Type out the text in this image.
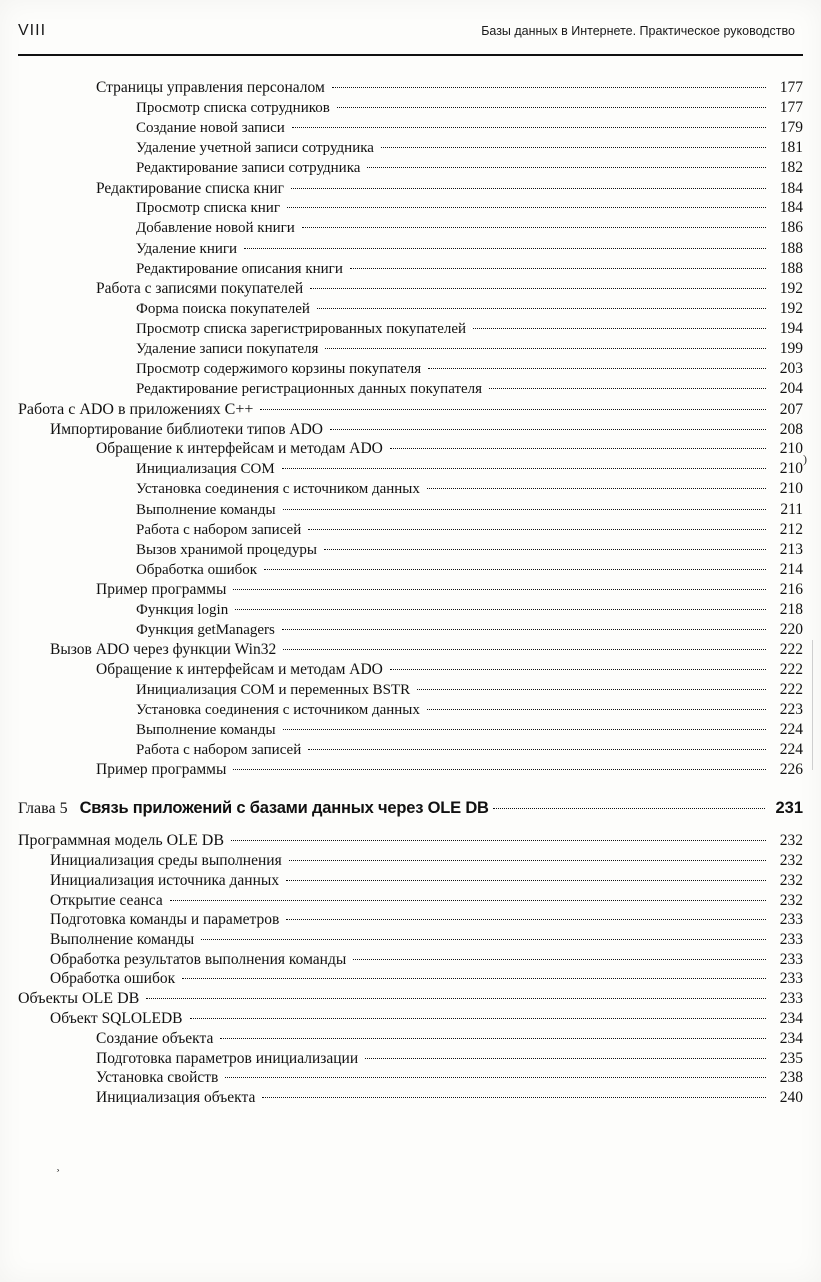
VIII	Базы данных в Интернете. Практическое руководство
)
¸
Страницы управления персоналом	177
Просмотр списка сотрудников	177
Создание новой записи	179
Удаление учетной записи сотрудника	181
Редактирование записи сотрудника	182
Редактирование списка книг	184
Просмотр списка книг	184
Добавление новой книги	186
Удаление книги	188
Редактирование описания книги	188
Работа с записями покупателей	192
Форма поиска покупателей	192
Просмотр списка зарегистрированных покупателей	194
Удаление записи покупателя	199
Просмотр содержимого корзины покупателя	203
Редактирование регистрационных данных покупателя	204
Работа с ADO в приложениях C++	207
Импортирование библиотеки типов ADO	208
Обращение к интерфейсам и методам ADO	210
Инициализация COM	210
Установка соединения с источником данных	210
Выполнение команды	211
Работа с набором записей	212
Вызов хранимой процедуры	213
Обработка ошибок	214
Пример программы	216
Функция login	218
Функция getManagers	220
Вызов ADO через функции Win32	222
Обращение к интерфейсам и методам ADO	222
Инициализация COM и переменных BSTR	222
Установка соединения с источником данных	223
Выполнение команды	224
Работа с набором записей	224
Пример программы	226
Глава 5 Связь приложений с базами данных через OLE DB	231
Программная модель OLE DB	232
Инициализация среды выполнения	232
Инициализация источника данных	232
Открытие сеанса	232
Подготовка команды и параметров	233
Выполнение команды	233
Обработка результатов выполнения команды	233
Обработка ошибок	233
Объекты OLE DB	233
Объект SQLOLEDB	234
Создание объекта	234
Подготовка параметров инициализации	235
Установка свойств	238
Инициализация объекта	240
